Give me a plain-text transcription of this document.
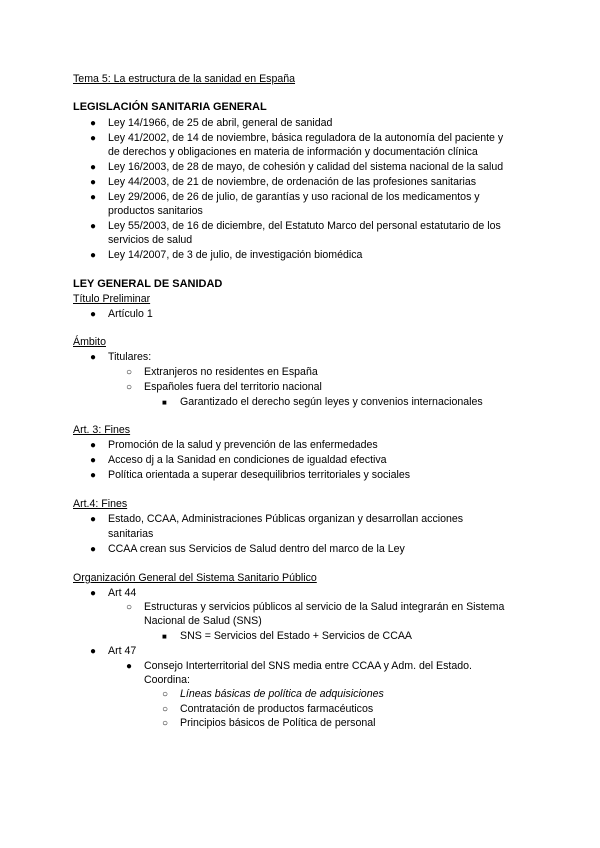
Tema 5: La estructura de la sanidad en España
LEGISLACIÓN SANITARIA GENERAL
● Ley 14/1966, de 25 de abril, general de sanidad
● Ley 41/2002, de 14 de noviembre, básica reguladora de la autonomía del paciente y
de derechos y obligaciones en materia de información y documentación clínica
● Ley 16/2003, de 28 de mayo, de cohesión y calidad del sistema nacional de la salud
● Ley 44/2003, de 21 de noviembre, de ordenación de las profesiones sanitarias
● Ley 29/2006, de 26 de julio, de garantías y uso racional de los medicamentos y
productos sanitarios
● Ley 55/2003, de 16 de diciembre, del Estatuto Marco del personal estatutario de los
servicios de salud
● Ley 14/2007, de 3 de julio, de investigación biomédica
LEY GENERAL DE SANIDAD
Título Preliminar
● Artículo 1
Ámbito
● Titulares:
○ Extranjeros no residentes en España
○ Españoles fuera del territorio nacional
■ Garantizado el derecho según leyes y convenios internacionales
Art. 3: Fines
● Promoción de la salud y prevención de las enfermedades
● Acceso dj a la Sanidad en condiciones de igualdad efectiva
● Política orientada a superar desequilibrios territoriales y sociales
Art.4: Fines
● Estado, CCAA, Administraciones Públicas organizan y desarrollan acciones
sanitarias
● CCAA crean sus Servicios de Salud dentro del marco de la Ley
Organización General del Sistema Sanitario Público
● Art 44
○ Estructuras y servicios públicos al servicio de la Salud integrarán en Sistema
Nacional de Salud (SNS)
■ SNS = Servicios del Estado + Servicios de CCAA
● Art 47
● Consejo Interterritorial del SNS media entre CCAA y Adm. del Estado.
Coordina:
○ Líneas básicas de política de adquisiciones
○ Contratación de productos farmacéuticos
○ Principios básicos de Política de personal
